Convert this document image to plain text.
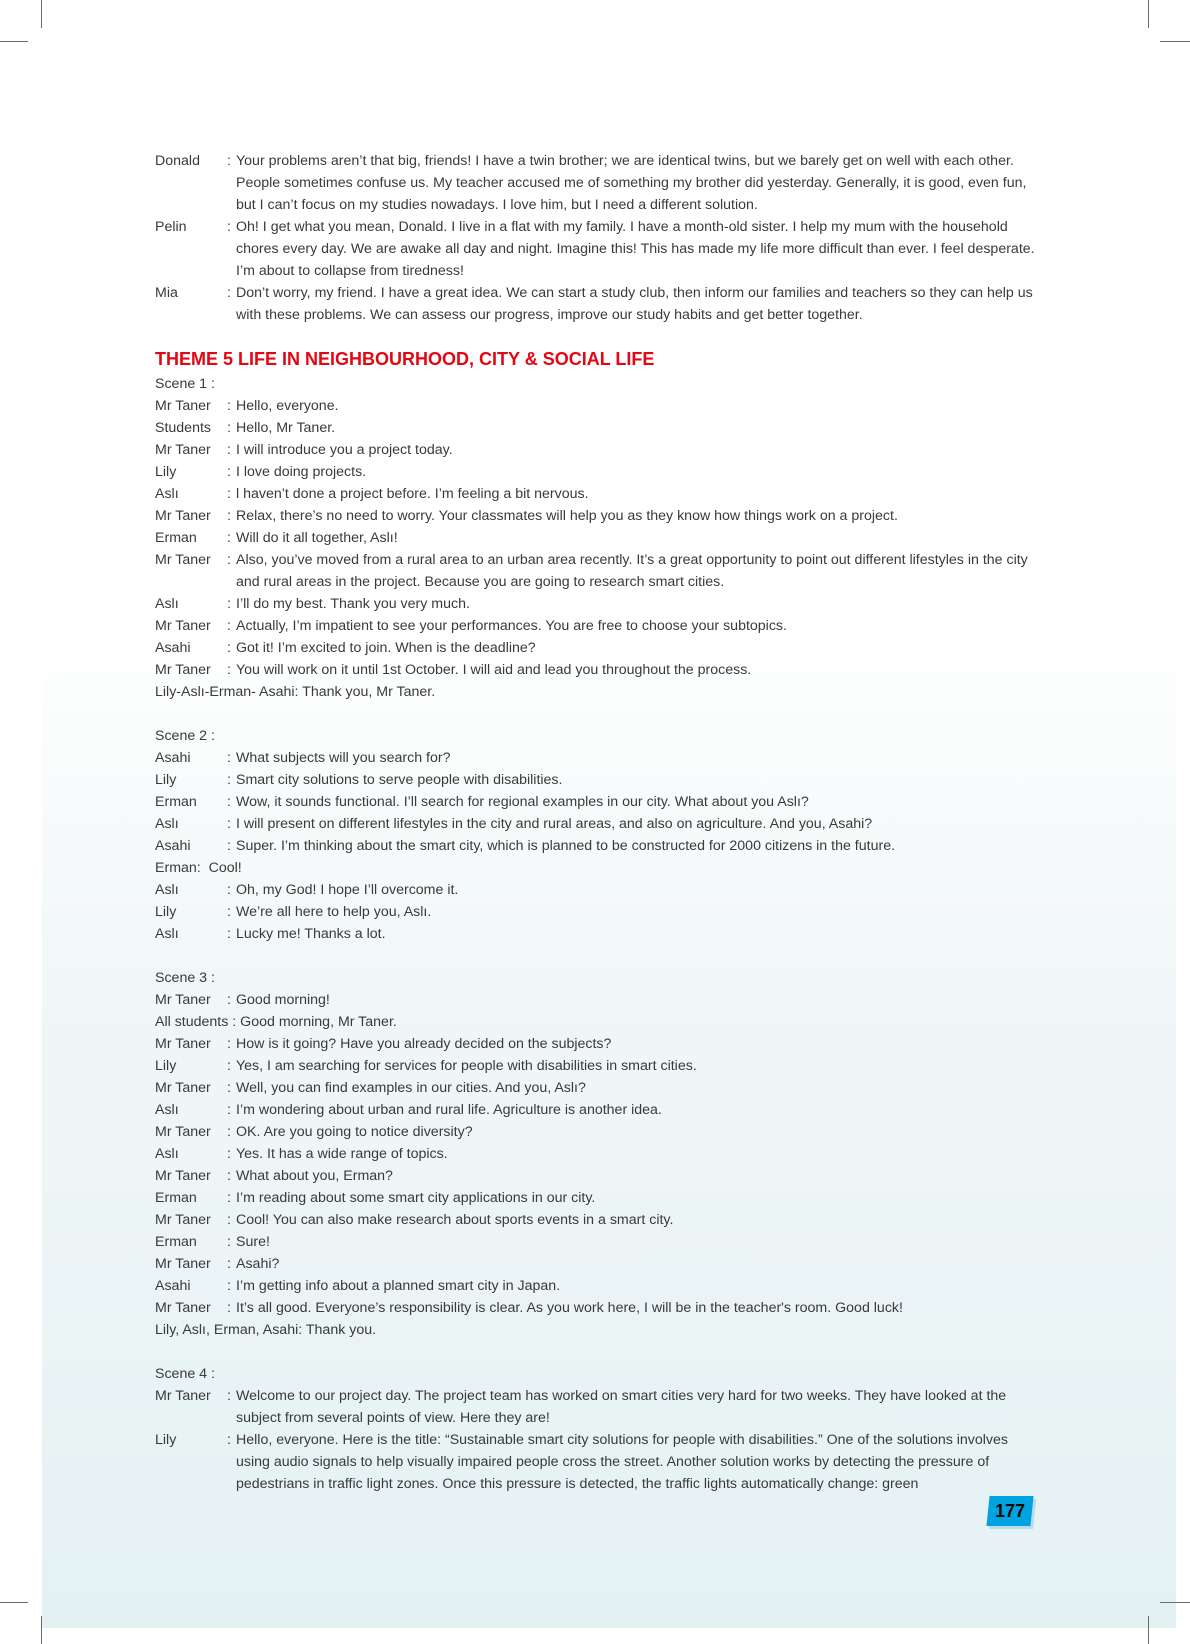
Donald	: Your problems aren’t that big, friends! I have a twin brother; we are identical twins, but we barely get on well with each other. People sometimes confuse us. My teacher accused me of something my brother did yesterday. Generally, it is good, even fun, but I can’t focus on my studies nowadays. I love him, but I need a different solution.
Pelin	: Oh! I get what you mean, Donald. I live in a flat with my family. I have a month-old sister. I help my mum with the household chores every day. We are awake all day and night. Imagine this! This has made my life more difficult than ever. I feel desperate. I’m about to collapse from tiredness!
Mia	: Don’t worry, my friend. I have a great idea. We can start a study club, then inform our families and teachers so they can help us with these problems. We can assess our progress, improve our study habits and get better together.
THEME 5 LIFE IN NEIGHBOURHOOD, CITY & SOCIAL LIFE
Scene 1 :
Mr Taner	: Hello, everyone.
Students	: Hello, Mr Taner.
Mr Taner	: I will introduce you a project today.
Lily	: I love doing projects.
Aslı	: l haven’t done a project before. I’m feeling a bit nervous.
Mr Taner	: Relax, there’s no need to worry. Your classmates will help you as they know how things work on a project.
Erman	: Will do it all together, Aslı!
Mr Taner	: Also, you’ve moved from a rural area to an urban area recently. It’s a great opportunity to point out different lifestyles in the city and rural areas in the project. Because you are going to research smart cities.
Aslı	: I’ll do my best. Thank you very much.
Mr Taner	: Actually, I’m impatient to see your performances. You are free to choose your subtopics.
Asahi	: Got it! I’m excited to join. When is the deadline?
Mr Taner	: You will work on it until 1st October. I will aid and lead you throughout the process.
Lily-Aslı-Erman- Asahi: Thank you, Mr Taner.
Scene 2 :
Asahi	: What subjects will you search for?
Lily	: Smart city solutions to serve people with disabilities.
Erman	: Wow, it sounds functional. I’ll search for regional examples in our city. What about you Aslı?
Aslı	: I will present on different lifestyles in the city and rural areas, and also on agriculture. And you, Asahi?
Asahi	: Super. I’m thinking about the smart city, which is planned to be constructed for 2000 citizens in the future.
Erman:  Cool!
Aslı	: Oh, my God! I hope I’ll overcome it.
Lily	: We’re all here to help you, Aslı.
Aslı	: Lucky me! Thanks a lot.
Scene 3 :
Mr Taner	: Good morning!
All students : Good morning, Mr Taner.
Mr Taner	: How is it going? Have you already decided on the subjects?
Lily	: Yes, I am searching for services for people with disabilities in smart cities.
Mr Taner	: Well, you can find examples in our cities. And you, Aslı?
Aslı	: I’m wondering about urban and rural life. Agriculture is another idea.
Mr Taner	: OK. Are you going to notice diversity?
Aslı	: Yes. It has a wide range of topics.
Mr Taner	: What about you, Erman?
Erman	: I’m reading about some smart city applications in our city.
Mr Taner	: Cool! You can also make research about sports events in a smart city.
Erman	: Sure!
Mr Taner	: Asahi?
Asahi	: I’m getting info about a planned smart city in Japan.
Mr Taner	: It’s all good. Everyone’s responsibility is clear. As you work here, I will be in the teacher's room. Good luck!
Lily, Aslı, Erman, Asahi: Thank you.
Scene 4 :
Mr Taner	: Welcome to our project day. The project team has worked on smart cities very hard for two weeks. They have looked at the subject from several points of view. Here they are!
Lily	: Hello, everyone. Here is the title: “Sustainable smart city solutions for people with disabilities.” One of the solutions involves using audio signals to help visually impaired people cross the street. Another solution works by detecting the pressure of pedestrians in traffic light zones. Once this pressure is detected, the traffic lights automatically change: green
177
